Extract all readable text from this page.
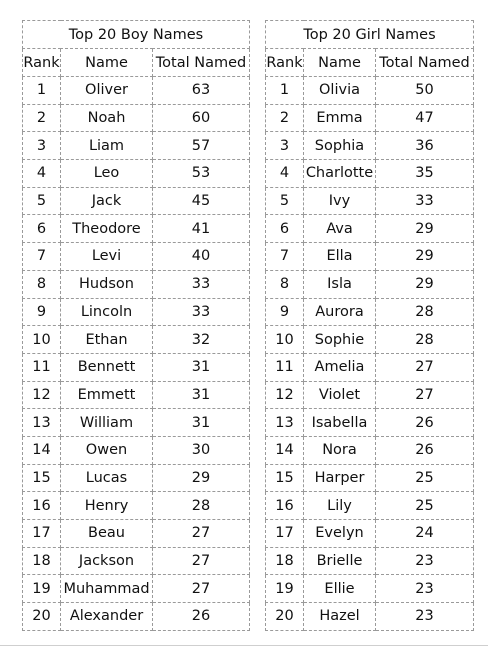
Top 20 Boy Names		
Rank	Name	Total Named
1	Oliver	63
2	Noah	60
3	Liam	57
4	Leo	53
5	Jack	45
6	Theodore	41
7	Levi	40
8	Hudson	33
9	Lincoln	33
10	Ethan	32
11	Bennett	31
12	Emmett	31
13	William	31
14	Owen	30
15	Lucas	29
16	Henry	28
17	Beau	27
18	Jackson	27
19	Muhammad	27
20	Alexander	26
Top 20 Girl Names		
Rank	Name	Total Named
1	Olivia	50
2	Emma	47
3	Sophia	36
4	Charlotte	35
5	Ivy	33
6	Ava	29
7	Ella	29
8	Isla	29
9	Aurora	28
10	Sophie	28
11	Amelia	27
12	Violet	27
13	Isabella	26
14	Nora	26
15	Harper	25
16	Lily	25
17	Evelyn	24
18	Brielle	23
19	Ellie	23
20	Hazel	23
